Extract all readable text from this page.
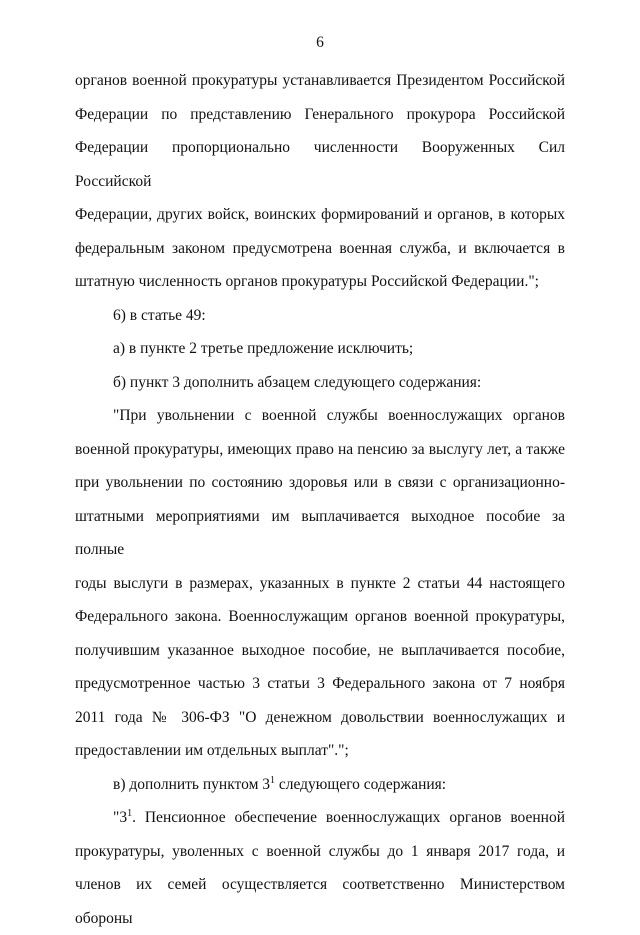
6

органов военной прокуратуры устанавливается Президентом Российской
Федерации по представлению Генерального прокурора Российской
Федерации пропорционально численности Вооруженных Сил Российской
Федерации, других войск, воинских формирований и органов, в которых
федеральным законом предусмотрена военная служба, и включается в
штатную численность органов прокуратуры Российской Федерации.";

6) в статье 49:

а) в пункте 2 третье предложение исключить;

б) пункт 3 дополнить абзацем следующего содержания:

"При увольнении с военной службы военнослужащих органов
военной прокуратуры, имеющих право на пенсию за выслугу лет, а также
при увольнении по состоянию здоровья или в связи с организационно-
штатными мероприятиями им выплачивается выходное пособие за полные
годы выслуги в размерах, указанных в пункте 2 статьи 44 настоящего
Федерального закона. Военнослужащим органов военной прокуратуры,
получившим указанное выходное пособие, не выплачивается пособие,
предусмотренное частью 3 статьи 3 Федерального закона от 7 ноября
2011 года № 306-ФЗ "О денежном довольствии военнослужащих и
предоставлении им отдельных выплат".";

в) дополнить пунктом $3^1$ следующего содержания:

"$3^1$. Пенсионное обеспечение военнослужащих органов военной
прокуратуры, уволенных с военной службы до 1 января 2017 года, и
членов их семей осуществляется соответственно Министерством обороны
